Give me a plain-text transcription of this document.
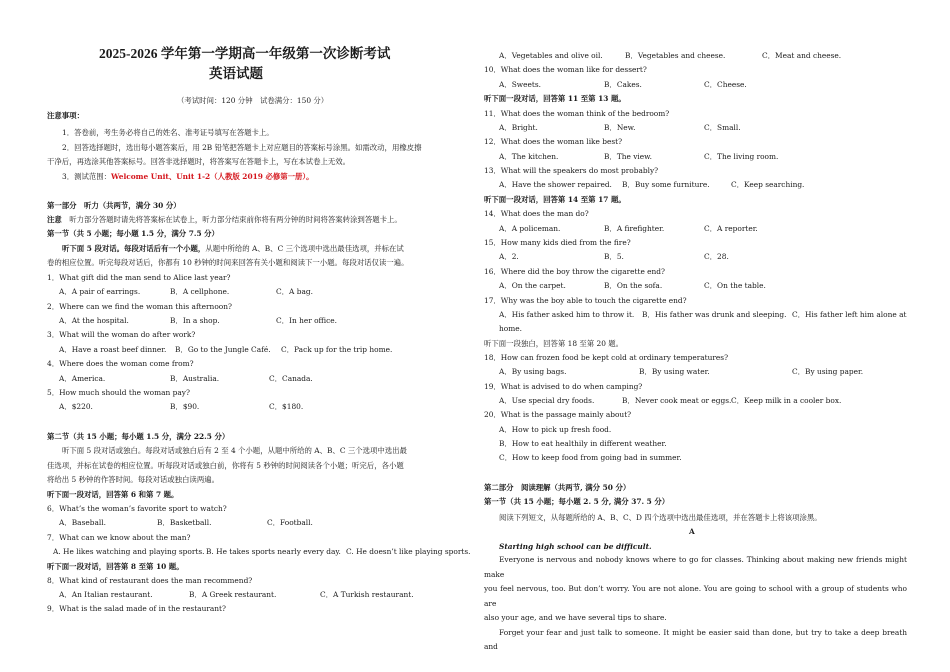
2025-2026 学年第一学期高一年级第一次诊断考试
英语试题
（考试时间：120 分钟　试卷满分：150 分）
注意事项：
1．答卷前，考生务必将自己的姓名、准考证号填写在答题卡上。
2．回答选择题时，选出每小题答案后，用 2B 铅笔把答题卡上对应题目的答案标号涂黑。如需改动，用橡皮擦
干净后，再选涂其他答案标号。回答非选择题时，将答案写在答题卡上，写在本试卷上无效。
3．测试范围：Welcome Unit、Unit 1-2（人教版 2019 必修第一册）。
第一部分　听力（共两节，满分 30 分）
注意　听力部分答题时请先将答案标在试卷上，听力部分结束前你将有两分钟的时间将答案转涂到答题卡上。
第一节（共 5 小题；每小题 1.5 分，满分 7.5 分）
听下面 5 段对话。每段对话后有一个小题，从题中所给的 A、B、C 三个选项中选出最佳选项，并标在试
卷的相应位置。听完每段对话后，你都有 10 秒钟的时间来回答有关小题和阅读下一小题。每段对话仅读一遍。
1．What gift did the man send to Alice last year?
A．A pair of earrings.	B．A cellphone.	C．A bag.
2．Where can we find the woman this afternoon?
A．At the hospital.	B．In a shop.	C．In her office.
3．What will the woman do after work?
A．Have a roast beef dinner. B．Go to the Jungle Café. C．Pack up for the trip home.
4．Where does the woman come from?
A．America.	B．Australia.	C．Canada.
5．How much should the woman pay?
A．$220.	B．$90.	C．$180.
第二节（共 15 小题；每小题 1.5 分，满分 22.5 分）
听下面 5 段对话或独白。每段对话或独白后有 2 至 4 个小题，从题中所给的 A、B、C 三个选项中选出最
佳选项，并标在试卷的相应位置。听每段对话或独白前，你将有 5 秒钟的时间阅读各个小题；听完后，各小题
将给出 5 秒钟的作答时间。每段对话或独白读两遍。
听下面一段对话，回答第 6 和第 7 题。
6．What’s the woman’s favorite sport to watch?
A．Baseball.	B．Basketball.	C．Football.
7．What can we know about the man?
A. He likes watching and playing sports. B. He takes sports nearly every day. C. He doesn’t like playing sports.
听下面一段对话，回答第 8 至第 10 题。
8．What kind of restaurant does the man recommend?
A．An Italian restaurant.	B．A Greek restaurant.	C．A Turkish restaurant.
9．What is the salad made of in the restaurant?
A．Vegetables and olive oil.	B．Vegetables and cheese.	C．Meat and cheese.
10．What does the woman like for dessert?
A．Sweets.	B．Cakes.	C．Cheese.
听下面一段对话，回答第 11 至第 13 题。
11．What does the woman think of the bedroom?
A．Bright.	B．New.	C．Small.
12．What does the woman like best?
A．The kitchen.	B．The view.	C．The living room.
13．What will the speakers do most probably?
A．Have the shower repaired. B．Buy some furniture.	C．Keep searching.
听下面一段对话，回答第 14 至第 17 题。
14．What does the man do?
A．A policeman.	B．A firefighter.	C．A reporter.
15．How many kids died from the fire?
A．2.	B．5.	C．28.
16．Where did the boy throw the cigarette end?
A．On the carpet.	B．On the sofa.	C．On the table.
17．Why was the boy able to touch the cigarette end?
A．His father asked him to throw it. B．His father was drunk and sleeping. C．His father left him alone at
home.
听下面一段独白，回答第 18 至第 20 题。
18．How can frozen food be kept cold at ordinary temperatures?
A．By using bags.	B．By using water.	C．By using paper.
19．What is advised to do when camping?
A．Use special dry foods.	B．Never cook meat or eggs. C．Keep milk in a cooler box.
20．What is the passage mainly about?
A．How to pick up fresh food.
B．How to eat healthily in different weather.
C．How to keep food from going bad in summer.
第二部分　阅读理解（共两节, 满分 50 分）
第一节（共 15 小题；每小题 2. 5 分, 满分 37. 5 分）
阅读下列短文，从每题所给的 A、B、C、D 四个选项中选出最佳选项，并在答题卡上将该项涂黑。
A
Starting high school can be difficult.
Everyone is nervous and nobody knows where to go for classes. Thinking about making new friends might make
you feel nervous, too. But don’t worry. You are not alone. You are going to school with a group of students who are
also your age, and we have several tips to share.
Forget your fear and just talk to someone. It might be easier said than done, but try to take a deep breath and
